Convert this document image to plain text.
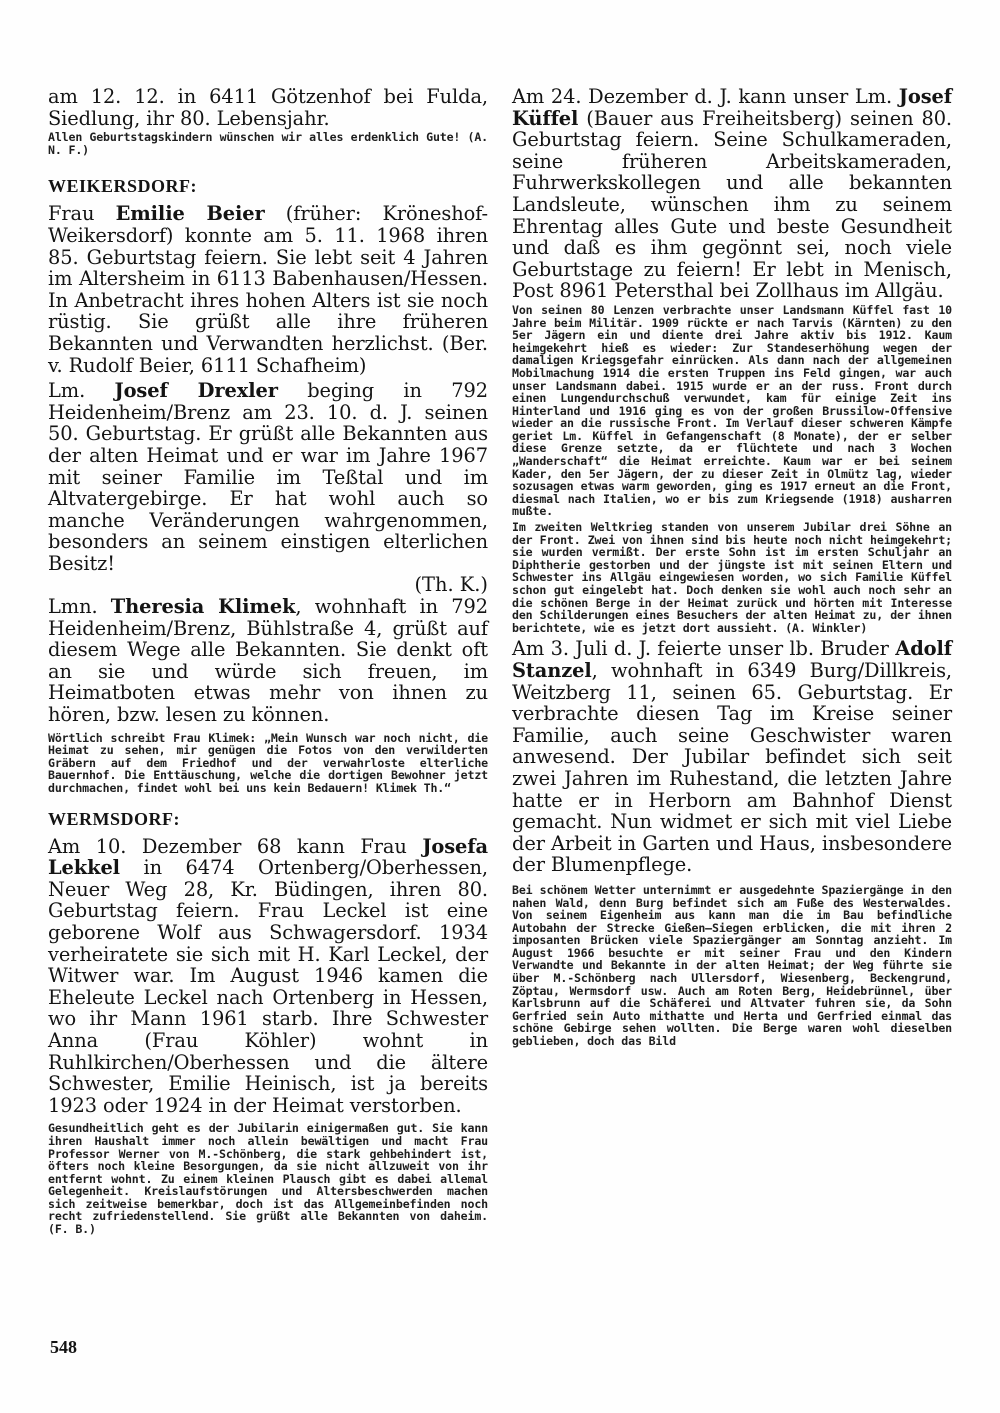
am 12. 12. in 6411 Götzenhof bei Fulda, Siedlung, ihr 80. Lebensjahr.

Allen Geburtstagskindern wünschen wir alles erdenklich Gute! (A. N. F.)

WEIKERSDORF:

Frau Emilie Beier (früher: Kröneshof-Weikersdorf) konnte am 5. 11. 1968 ihren 85. Geburtstag feiern. Sie lebt seit 4 Jahren im Altersheim in 6113 Babenhausen/Hessen. In Anbetracht ihres hohen Alters ist sie noch rüstig. Sie grüßt alle ihre früheren Bekannten und Verwandten herzlichst. (Ber. v. Rudolf Beier, 6111 Schafheim)

Lm. Josef Drexler beging in 792 Heidenheim/Brenz am 23. 10. d. J. seinen 50. Geburtstag. Er grüßt alle Bekannten aus der alten Heimat und er war im Jahre 1967 mit seiner Familie im Teßtal und im Altvatergebirge. Er hat wohl auch so manche Veränderungen wahrgenommen, besonders an seinem einstigen elterlichen Besitz!

(Th. K.)

Lmn. Theresia Klimek, wohnhaft in 792 Heidenheim/Brenz, Bühlstraße 4, grüßt auf diesem Wege alle Bekannten. Sie denkt oft an sie und würde sich freuen, im Heimatboten etwas mehr von ihnen zu hören, bzw. lesen zu können.

Wörtlich schreibt Frau Klimek: „Mein Wunsch war noch nicht, die Heimat zu sehen, mir genügen die Fotos von den verwilderten Gräbern auf dem Friedhof und der verwahrloste elterliche Bauernhof. Die Enttäuschung, welche die dortigen Bewohner jetzt durchmachen, findet wohl bei uns kein Bedauern! Klimek Th.“

WERMSDORF:

Am 10. Dezember 68 kann Frau Josefa Lekkel in 6474 Ortenberg/Oberhessen, Neuer Weg 28, Kr. Büdingen, ihren 80. Geburtstag feiern. Frau Leckel ist eine geborene Wolf aus Schwagersdorf. 1934 verheiratete sie sich mit H. Karl Leckel, der Witwer war. Im August 1946 kamen die Eheleute Leckel nach Ortenberg in Hessen, wo ihr Mann 1961 starb. Ihre Schwester Anna (Frau Köhler) wohnt in Ruhlkirchen/Oberhessen und die ältere Schwester, Emilie Heinisch, ist ja bereits 1923 oder 1924 in der Heimat verstorben.

Gesundheitlich geht es der Jubilarin einigermaßen gut. Sie kann ihren Haushalt immer noch allein bewältigen und macht Frau Professor Werner von M.-Schönberg, die stark gehbehindert ist, öfters noch kleine Besorgungen, da sie nicht allzuweit von ihr entfernt wohnt. Zu einem kleinen Plausch gibt es dabei allemal Gelegenheit. Kreislaufstörungen und Altersbeschwerden machen sich zeitweise bemerkbar, doch ist das Allgemeinbefinden noch recht zufriedenstellend. Sie grüßt alle Bekannten von daheim. (F. B.)

Am 24. Dezember d. J. kann unser Lm. Josef Küffel (Bauer aus Freiheitsberg) seinen 80. Geburtstag feiern. Seine Schulkameraden, seine früheren Arbeitskameraden, Fuhrwerkskollegen und alle bekannten Landsleute, wünschen ihm zu seinem Ehrentag alles Gute und beste Gesundheit und daß es ihm gegönnt sei, noch viele Geburtstage zu feiern! Er lebt in Menisch, Post 8961 Petersthal bei Zollhaus im Allgäu.

Von seinen 80 Lenzen verbrachte unser Landsmann Küffel fast 10 Jahre beim Militär. 1909 rückte er nach Tarvis (Kärnten) zu den 5er Jägern ein und diente drei Jahre aktiv bis 1912. Kaum heimgekehrt hieß es wieder: Zur Standeserhöhung wegen der damaligen Kriegsgefahr einrücken. Als dann nach der allgemeinen Mobilmachung 1914 die ersten Truppen ins Feld gingen, war auch unser Landsmann dabei. 1915 wurde er an der russ. Front durch einen Lungendurchschuß verwundet, kam für einige Zeit ins Hinterland und 1916 ging es von der großen Brussilow-Offensive wieder an die russische Front. Im Verlauf dieser schweren Kämpfe geriet Lm. Küffel in Gefangenschaft (8 Monate), der er selber diese Grenze setzte, da er flüchtete und nach 3 Wochen „Wanderschaft“ die Heimat erreichte. Kaum war er bei seinem Kader, den 5er Jägern, der zu dieser Zeit in Olmütz lag, wieder sozusagen etwas warm geworden, ging es 1917 erneut an die Front, diesmal nach Italien, wo er bis zum Kriegsende (1918) ausharren mußte.

Im zweiten Weltkrieg standen von unserem Jubilar drei Söhne an der Front. Zwei von ihnen sind bis heute noch nicht heimgekehrt; sie wurden vermißt. Der erste Sohn ist im ersten Schuljahr an Diphtherie gestorben und der jüngste ist mit seinen Eltern und Schwester ins Allgäu eingewiesen worden, wo sich Familie Küffel schon gut eingelebt hat. Doch denken sie wohl auch noch sehr an die schönen Berge in der Heimat zurück und hörten mit Interesse den Schilderungen eines Besuchers der alten Heimat zu, der ihnen berichtete, wie es jetzt dort aussieht. (A. Winkler)

Am 3. Juli d. J. feierte unser lb. Bruder Adolf Stanzel, wohnhaft in 6349 Burg/Dillkreis, Weitzberg 11, seinen 65. Geburtstag. Er verbrachte diesen Tag im Kreise seiner Familie, auch seine Geschwister waren anwesend. Der Jubilar befindet sich seit zwei Jahren im Ruhestand, die letzten Jahre hatte er in Herborn am Bahnhof Dienst gemacht. Nun widmet er sich mit viel Liebe der Arbeit in Garten und Haus, insbesondere der Blumenpflege.

Bei schönem Wetter unternimmt er ausgedehnte Spaziergänge in den nahen Wald, denn Burg befindet sich am Fuße des Westerwaldes. Von seinem Eigenheim aus kann man die im Bau befindliche Autobahn der Strecke Gießen—Siegen erblicken, die mit ihren 2 imposanten Brücken viele Spaziergänger am Sonntag anzieht. Im August 1966 besuchte er mit seiner Frau und den Kindern Verwandte und Bekannte in der alten Heimat; der Weg führte sie über M.-Schönberg nach Ullersdorf, Wiesenberg, Beckengrund, Zöptau, Wermsdorf usw. Auch am Roten Berg, Heidebrünnel, über Karlsbrunn auf die Schäferei und Altvater fuhren sie, da Sohn Gerfried sein Auto mithatte und Herta und Gerfried einmal das schöne Gebirge sehen wollten. Die Berge waren wohl dieselben geblieben, doch das Bild

548
